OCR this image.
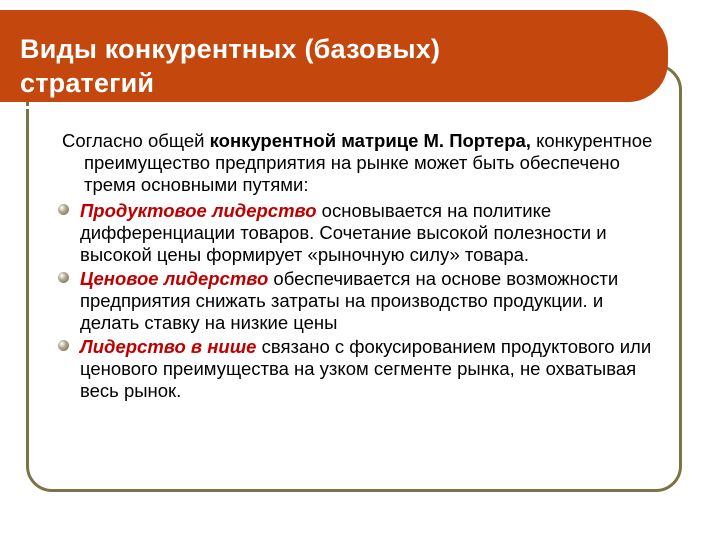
Виды конкурентных (базовых)
стратегий

Согласно общей конкурентной матрице М. Портера, конкурентное преимущество предприятия на рынке может быть обеспечено тремя основными путями:

Продуктовое лидерство основывается на политике дифференциации товаров. Сочетание высокой полезности и высокой цены формирует «рыночную силу» товара.
Ценовое лидерство обеспечивается на основе возможности предприятия снижать затраты на производство продукции. и делать ставку на низкие цены
Лидерство в нише связано с фокусированием продуктового или ценового преимущества на узком сегменте рынка, не охватывая весь рынок.
